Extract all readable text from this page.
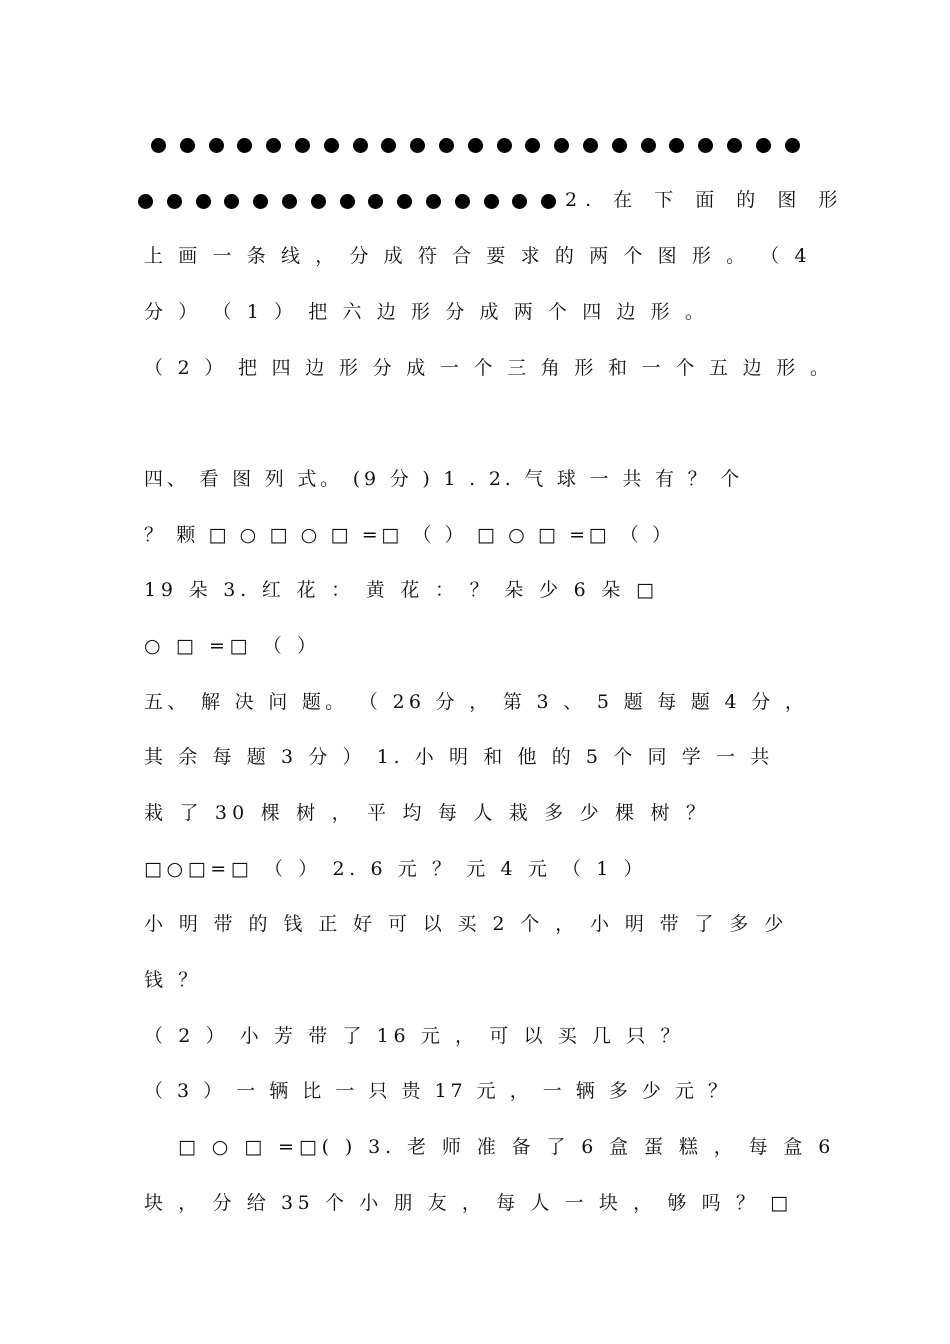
2. 在 下 面 的 图 形
上 画 一 条 线 ， 分 成 符 合 要 求 的 两 个 图 形 。 （ 4
分 ） （ 1 ） 把 六 边 形 分 成 两 个 四 边 形 。
（ 2 ） 把 四 边 形 分 成 一 个 三 角 形 和 一 个 五 边 形 。
四、 看 图 列 式。 (9 分 ) 1 . 2. 气 球 一 共 有 ？ 个
？ 颗 □ ○ □ ○ □ =□ （ ） □ ○ □ =□ （ ）
19 朵 3. 红 花 ： 黄 花 ： ？ 朵 少 6 朵 □
○ □ =□ （ ）
五、 解 决 问 题。 （ 26 分 ， 第 3 、 5 题 每 题 4 分 ，
其 余 每 题 3 分 ） 1. 小 明 和 他 的 5 个 同 学 一 共
栽 了 30 棵 树 ， 平 均 每 人 栽 多 少 棵 树 ？
□○□=□ （ ） 2. 6 元 ？ 元 4 元 （ 1 ）
小 明 带 的 钱 正 好 可 以 买 2 个 ， 小 明 带 了 多 少
钱 ？
（ 2 ） 小 芳 带 了 16 元 ， 可 以 买 几 只 ？
（ 3 ） 一 辆 比 一 只 贵 17 元 ， 一 辆 多 少 元 ？
□ ○ □ =□( ) 3. 老 师 准 备 了 6 盒 蛋 糕 ， 每 盒 6
块 ， 分 给 35 个 小 朋 友 ， 每 人 一 块 ， 够 吗 ？ □
